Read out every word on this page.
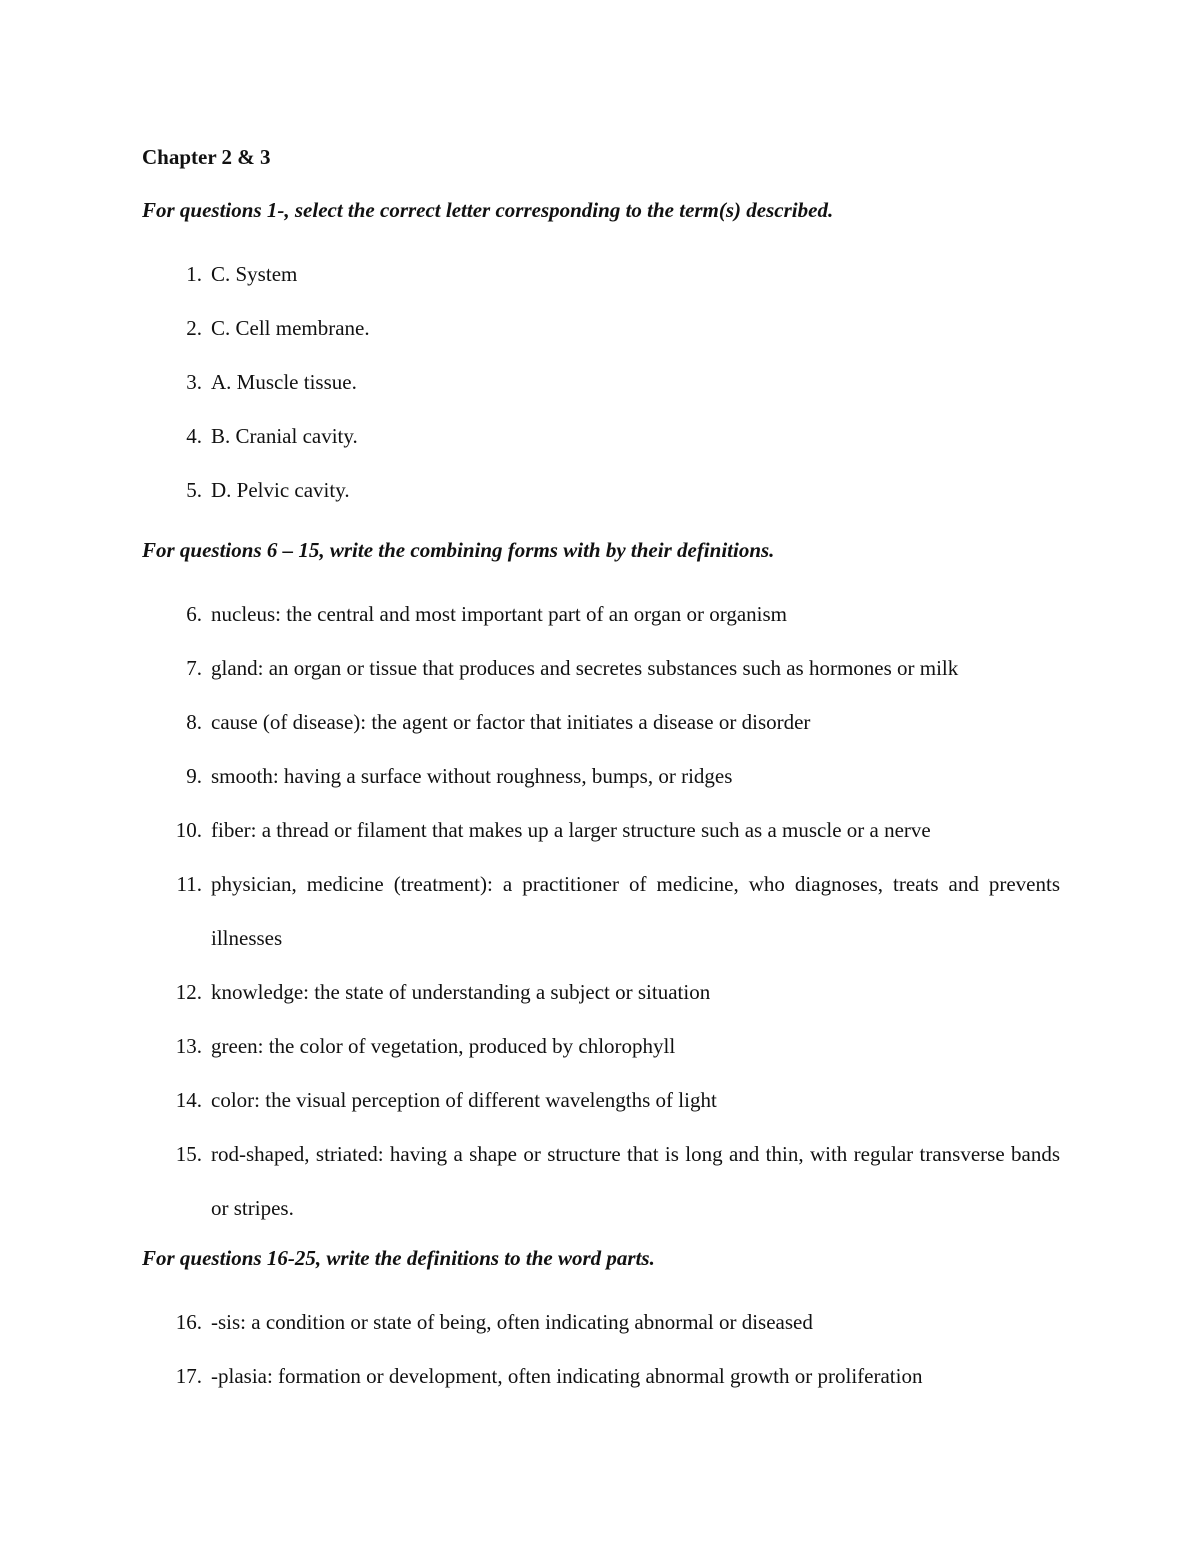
Chapter 2 & 3
For questions 1-, select the correct letter corresponding to the term(s) described.
1. C. System
2. C. Cell membrane.
3. A. Muscle tissue.
4. B. Cranial cavity.
5. D. Pelvic cavity.
For questions 6 – 15, write the combining forms with by their definitions.
6. nucleus: the central and most important part of an organ or organism
7. gland: an organ or tissue that produces and secretes substances such as hormones or milk
8. cause (of disease): the agent or factor that initiates a disease or disorder
9. smooth: having a surface without roughness, bumps, or ridges
10. fiber: a thread or filament that makes up a larger structure such as a muscle or a nerve
11. physician, medicine (treatment): a practitioner of medicine, who diagnoses, treats and prevents illnesses
12. knowledge: the state of understanding a subject or situation
13. green: the color of vegetation, produced by chlorophyll
14. color: the visual perception of different wavelengths of light
15. rod-shaped, striated: having a shape or structure that is long and thin, with regular transverse bands or stripes.
For questions 16-25, write the definitions to the word parts.
16. -sis: a condition or state of being, often indicating abnormal or diseased
17. -plasia: formation or development, often indicating abnormal growth or proliferation
